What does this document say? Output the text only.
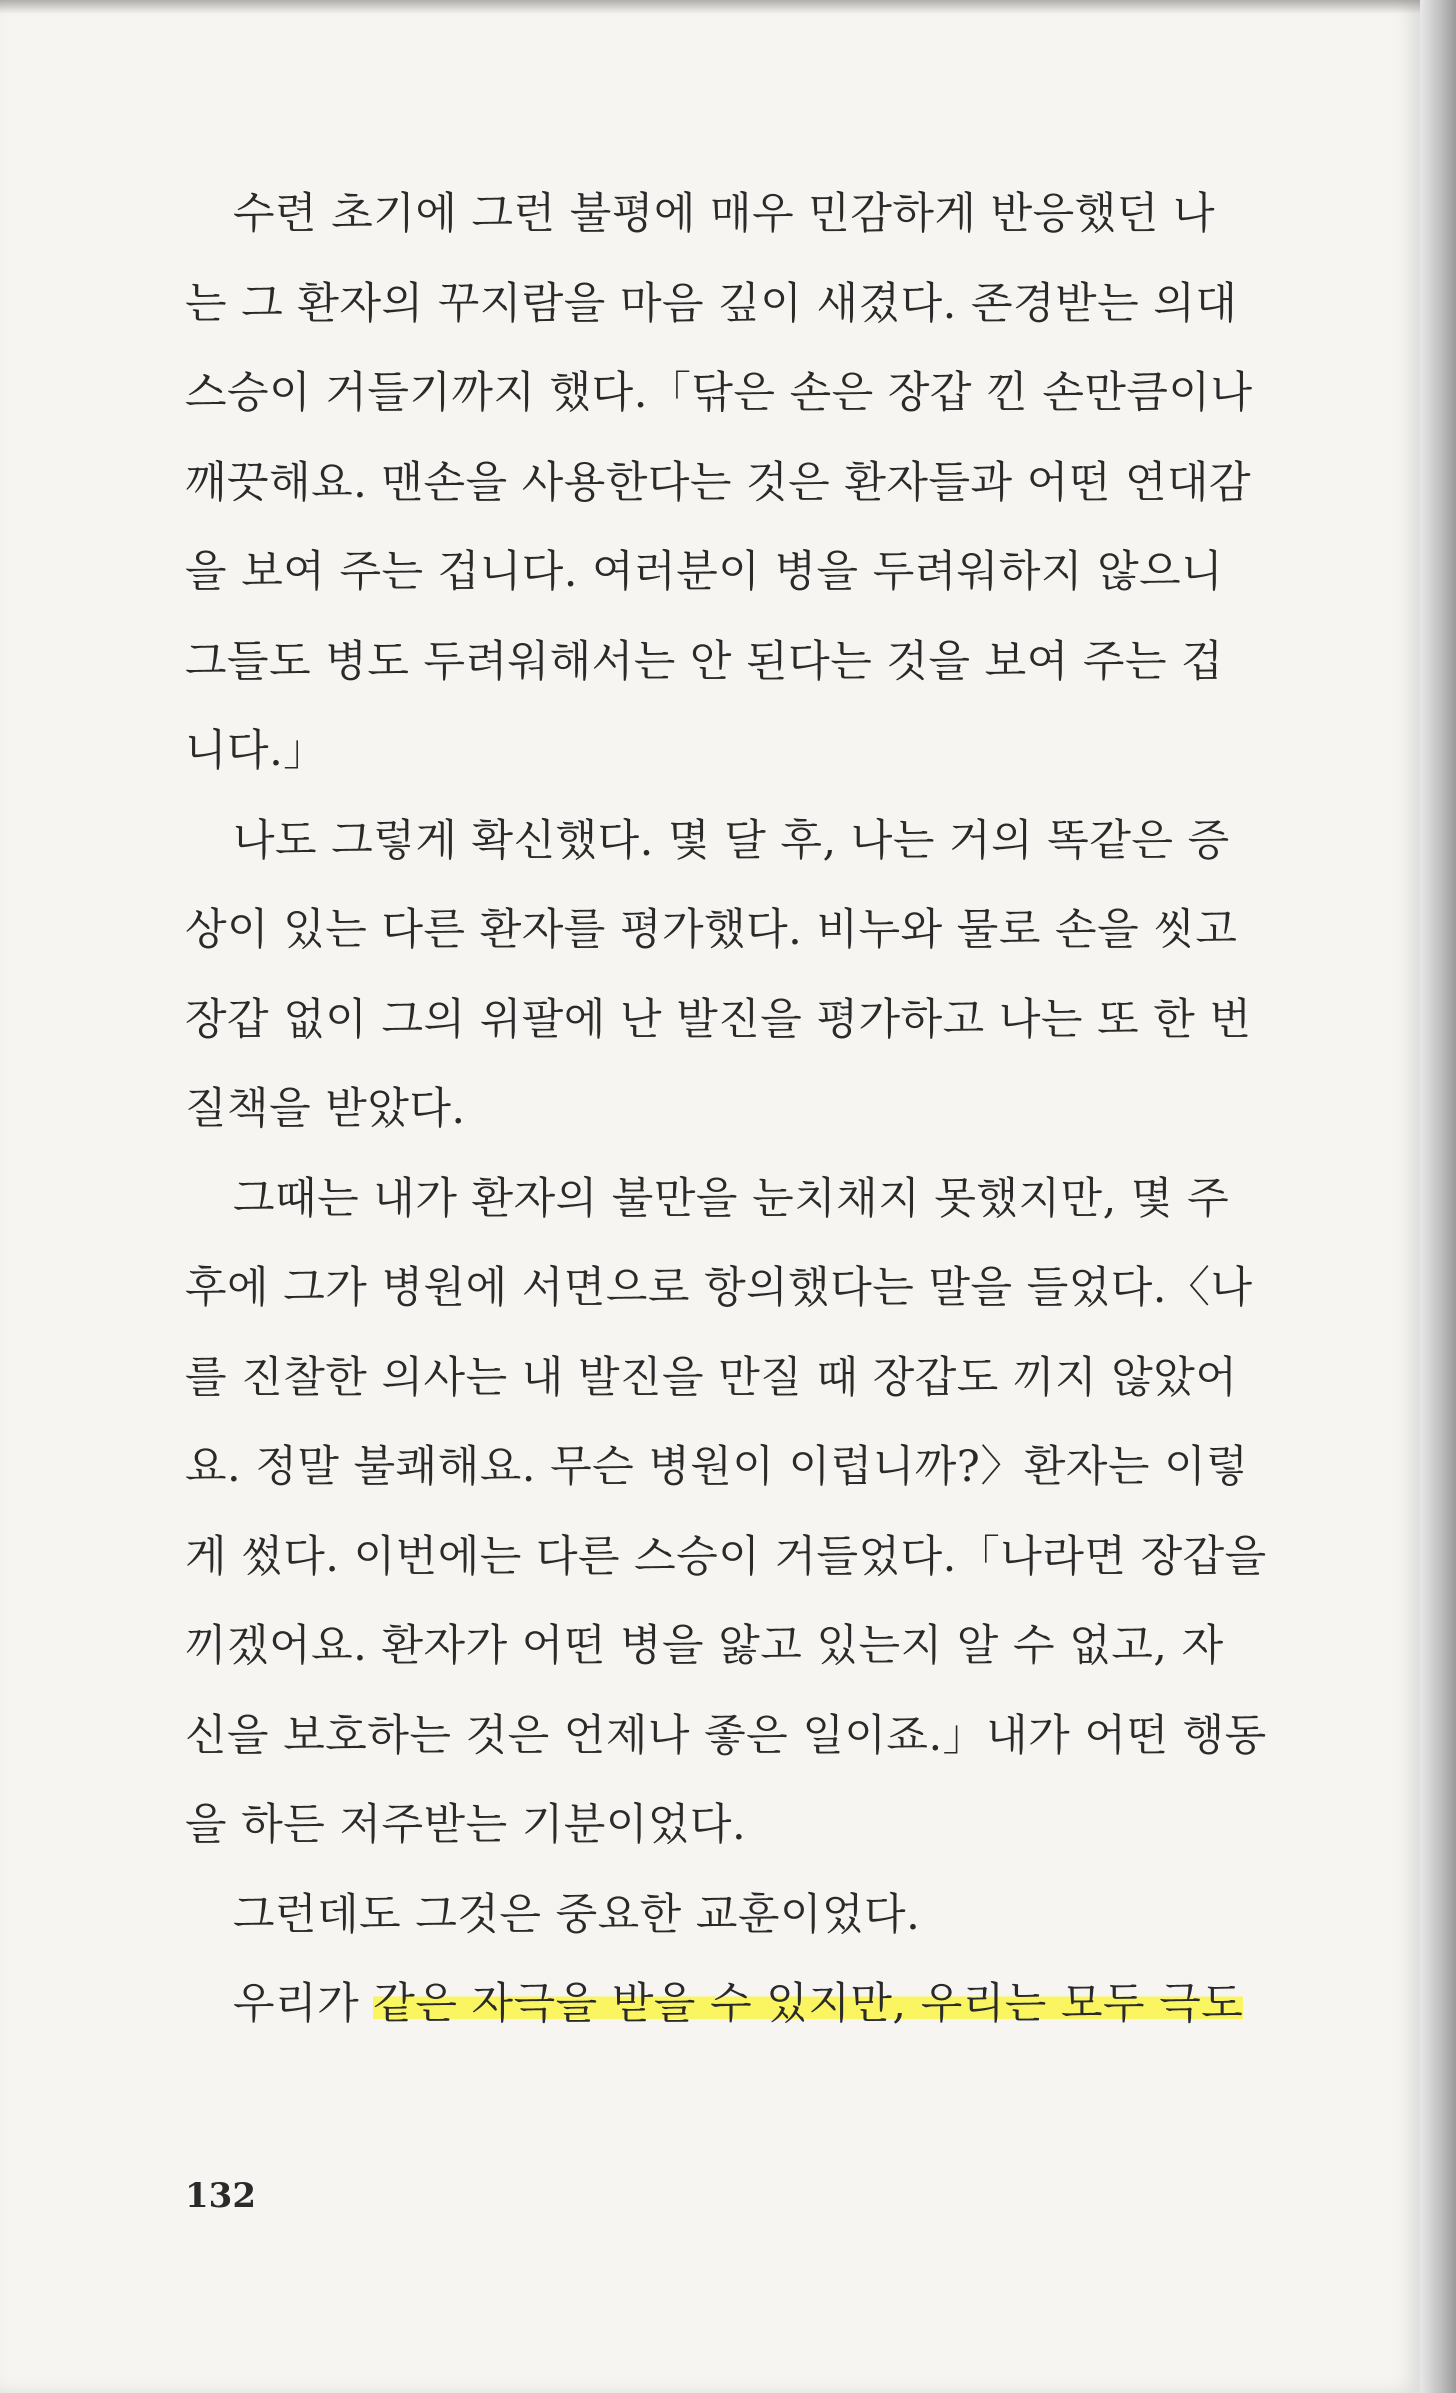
수련 초기에 그런 불평에 매우 민감하게 반응했던 나
는 그 환자의 꾸지람을 마음 깊이 새겼다. 존경받는 의대
스승이 거들기까지 했다.「닦은 손은 장갑 낀 손만큼이나
깨끗해요. 맨손을 사용한다는 것은 환자들과 어떤 연대감
을 보여 주는 겁니다. 여러분이 병을 두려워하지 않으니
그들도 병도 두려워해서는 안 된다는 것을 보여 주는 겁
니다.」
나도 그렇게 확신했다. 몇 달 후, 나는 거의 똑같은 증
상이 있는 다른 환자를 평가했다. 비누와 물로 손을 씻고
장갑 없이 그의 위팔에 난 발진을 평가하고 나는 또 한 번
질책을 받았다.
그때는 내가 환자의 불만을 눈치채지 못했지만, 몇 주
후에 그가 병원에 서면으로 항의했다는 말을 들었다.〈나
를 진찰한 의사는 내 발진을 만질 때 장갑도 끼지 않았어
요. 정말 불쾌해요. 무슨 병원이 이럽니까?〉환자는 이렇
게 썼다. 이번에는 다른 스승이 거들었다.「나라면 장갑을
끼겠어요. 환자가 어떤 병을 앓고 있는지 알 수 없고, 자
신을 보호하는 것은 언제나 좋은 일이죠.」내가 어떤 행동
을 하든 저주받는 기분이었다.
그런데도 그것은 중요한 교훈이었다.
우리가 같은 자극을 받을 수 있지만, 우리는 모두 극도
132
